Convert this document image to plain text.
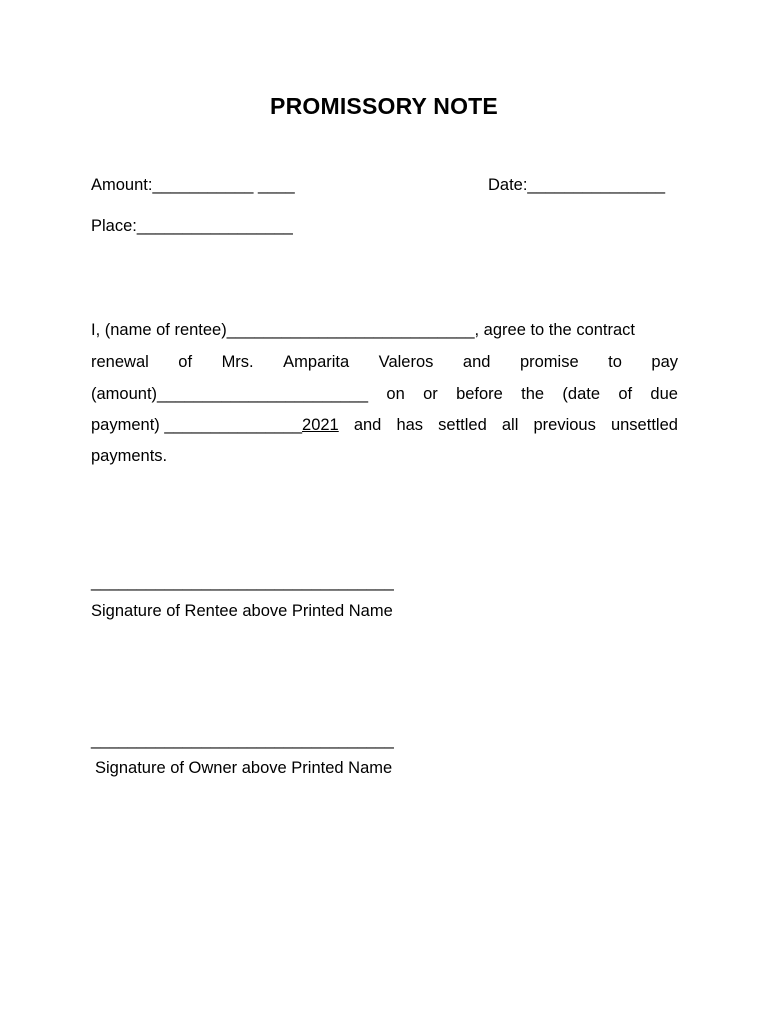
PROMISSORY NOTE
Amount:___________ ____	Date:_______________
Place:_________________
I, (name of rentee)___________________________, agree to the contract
renewal of Mrs. Amparita Valeros and promise to pay
(amount)_______________________ on or before the (date of due
payment) _______________2021 and has settled all previous unsettled
payments.
_________________________________
Signature of Rentee above Printed Name
_________________________________
Signature of Owner above Printed Name
